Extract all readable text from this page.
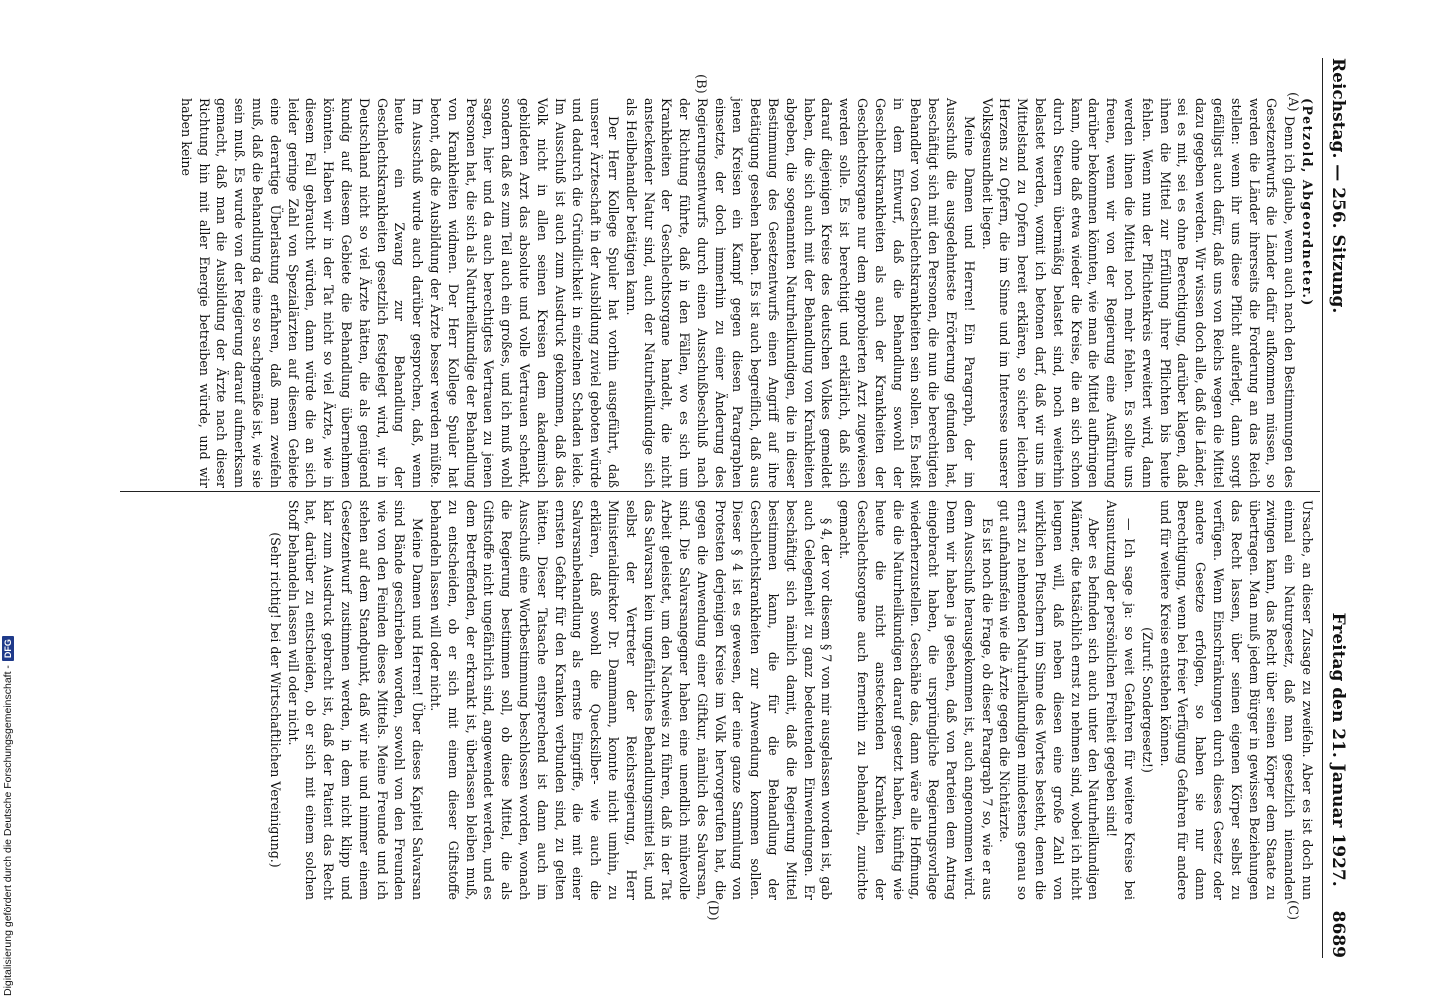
Reichstag. — 256. Sitzung.
Freitag den 21. Januar 1927.
8689

(Petzold, Abgeordneter.)

Denn ich glaube, wenn auch nach den Bestimmungen des Gesetzentwurfs die Länder dafür aufkommen müssen, so werden die Länder ihrerseits die Forderung an das Reich stellen: wenn ihr uns diese Pflicht auferlegt, dann sorgt gefälligst auch dafür, daß uns von Reichs wegen die Mittel dazu gegeben werden. Wir wissen doch alle, daß die Länder, sei es mit, sei es ohne Berechtigung, darüber klagen, daß ihnen die Mittel zur Erfüllung ihrer Pflichten bis heute fehlen. Wenn nun der Pflichtenkreis erweitert wird, dann werden ihnen die Mittel noch mehr fehlen. Es sollte uns freuen, wenn wir von der Regierung eine Ausführung darüber bekommen könnten, wie man die Mittel aufbringen kann, ohne daß etwa wieder die Kreise, die an sich schon durch Steuern übermäßig belastet sind, noch weiterhin belastet werden, womit ich betonen darf, daß wir uns im Mittelstand zu Opfern bereit erklären, so sicher leichten Herzens zu Opfern, die im Sinne und im Interesse unserer Volksgesundheit liegen.

Meine Damen und Herren! Ein Paragraph, der im Ausschuß die ausgedehnteste Erörterung gefunden hat, beschäftigt sich mit den Personen, die nun die berechtigten Behandler von Geschlechtskrankheiten sein sollen. Es heißt in dem Entwurf, daß die Behandlung sowohl der Geschlechtskrankheiten als auch der Krankheiten der Geschlechtsorgane nur dem approbierten Arzt zugewiesen werden solle. Es ist berechtigt und erklärlich, daß sich darauf diejenigen Kreise des deutschen Volkes gemeldet haben, die sich auch mit der Behandlung von Krankheiten abgeben, die sogenannten Naturheilkundigen, die in dieser Bestimmung des Gesetzentwurfs einen Angriff auf ihre Betätigung gesehen haben. Es ist auch begreiflich, daß aus jenen Kreisen ein Kampf gegen diesen Paragraphen einsetzte, der doch immerhin zu einer Änderung des Regierungsentwurfs durch einen Ausschußbeschluß nach der Richtung führte, daß in den Fällen, wo es sich um Krankheiten der Geschlechtsorgane handelt, die nicht ansteckender Natur sind, auch der Naturheilkundige sich als Heilbehandler betätigen kann.

Der Herr Kollege Spuler hat vorhin ausgeführt, daß unserer Ärzteschaft in der Ausbildung zuviel geboten würde und dadurch die Gründlichkeit in einzelnen Schaden leide. Im Ausschuß ist auch zum Ausdruck gekommen, daß das Volk nicht in allen seinen Kreisen dem akademisch gebildeten Arzt das absolute und volle Vertrauen schenkt, sondern daß es zum Teil auch ein großes, und ich muß wohl sagen, hier und da auch berechtigtes Vertrauen zu jenen Personen hat, die sich als Naturheilkundige der Behandlung von Krankheiten widmen. Der Herr Kollege Spuler hat betont, daß die Ausbildung der Ärzte besser werden müßte. Im Ausschuß wurde auch darüber gesprochen, daß, wenn heute ein Zwang zur Behandlung der Geschlechtskrankheiten gesetzlich festgelegt wird, wir in Deutschland nicht so viel Ärzte hätten, die als genügend kundig auf diesem Gebiete die Behandlung übernehmen könnten. Haben wir in der Tat nicht so viel Ärzte, wie in diesem Fall gebraucht würden, dann würde die an sich leider geringe Zahl von Spezialärzten auf diesem Gebiete eine derartige Überlastung erfahren, daß man zweifeln muß, daß die Behandlung da eine so sachgemäße ist, wie sie sein muß. Es wurde von der Regierung darauf aufmerksam gemacht, daß man die Ausbildung der Ärzte nach dieser Richtung hin mit aller Energie betreiben würde, und wir haben keine

Ursache, an dieser Zusage zu zweifeln. Aber es ist doch nun einmal ein Naturgesetz, daß man gesetzlich niemanden zwingen kann, das Recht über seinen Körper dem Staate zu übertragen. Man muß jedem Bürger in gewissen Beziehungen das Recht lassen, über seinen eigenen Körper selbst zu verfügen. Wenn Einschränkungen durch dieses Gesetz oder andere Gesetze erfolgen, so haben sie nur dann Berechtigung, wenn bei freier Verfügung Gefahren für andere und für weitere Kreise entstehen können.

(Zuruf: Sondergesetz!)

— Ich sage ja: so weit Gefahren für weitere Kreise bei Ausnutzung der persönlichen Freiheit gegeben sind!

Aber es befinden sich auch unter den Naturheilkundigen Männer, die tatsächlich ernst zu nehmen sind, wobei ich nicht leugnen will, daß neben diesen eine große Zahl von wirklichen Pfuschern im Sinne des Wortes besteht, denen die ernst zu nehmenden Naturheilkundigen mindestens genau so gut aufnahmsfein wie die Ärzte gegen die Nichtärzte.

Es ist noch die Frage, ob dieser Paragraph 7 so, wie er aus dem Ausschuß herausgekommen ist, auch angenommen wird. Denn wir haben ja gesehen, daß von Parteien dem Antrag eingebracht haben, die ursprüngliche Regierungsvorlage wiederherzustellen. Geschähe das, dann wäre alle Hoffnung, die die Naturheilkundigen darauf gesetzt haben, künftig wie heute die nicht ansteckenden Krankheiten der Geschlechtsorgane auch fernerhin zu behandeln, zunichte gemacht.

§ 4, der vor diesem § 7 von mir ausgelassen worden ist, gab auch Gelegenheit zu ganz bedeutenden Einwendungen. Er beschäftigt sich nämlich damit, daß die Regierung Mittel bestimmen kann, die für die Behandlung der Geschlechtskrankheiten zur Anwendung kommen sollen. Dieser § 4 ist es gewesen, der eine ganze Sammlung von Protesten derjenigen Kreise im Volk hervorgerufen hat, die gegen die Anwendung einer Giftkur, nämlich des Salvarsan, sind. Die Salvarsangegner haben eine unendlich mühevolle Arbeit geleistet, um den Nachweis zu führen, daß in der Tat das Salvarsan kein ungefährliches Behandlungsmittel ist, und selbst der Vertreter der Reichsregierung, Herr Ministerialdirektor Dr. Dammann, konnte nicht umhin, zu erklären, daß sowohl die Quecksilber- wie auch die Salvarsanbehandlung als ernste Eingriffe, die mit einer ernsten Gefahr für den Kranken verbunden sind, zu gelten hätten. Dieser Tatsache entsprechend ist dann auch im Ausschuß eine Wortbestimmung beschlossen worden, wonach die Regierung bestimmen soll, ob diese Mittel, die als Giftstoffe nicht ungefährlich sind, angewendet werden, und es dem Betreffenden, der erkrankt ist, überlassen bleiben muß, zu entscheiden, ob er sich mit einem dieser Giftstoffe behandeln lassen will oder nicht.

Meine Damen und Herren! Über dieses Kapitel Salvarsan sind Bände geschrieben worden, sowohl von den Freunden wie von den Feinden dieses Mittels. Meine Freunde und ich stehen auf dem Standpunkt, daß wir nie und nimmer einem Gesetzentwurf zustimmen werden, in dem nicht klipp und klar zum Ausdruck gebracht ist, daß der Patient das Recht hat, darüber zu entscheiden, ob er sich mit einem solchen Stoff behandeln lassen will oder nicht.

(Sehr richtig! bei der Wirtschaftlichen Vereinigung.)

(A)
(B)
(C)
(D)
Digitalisierung gefördert durch die Deutsche Forschungsgemeinschaft -
DFG
